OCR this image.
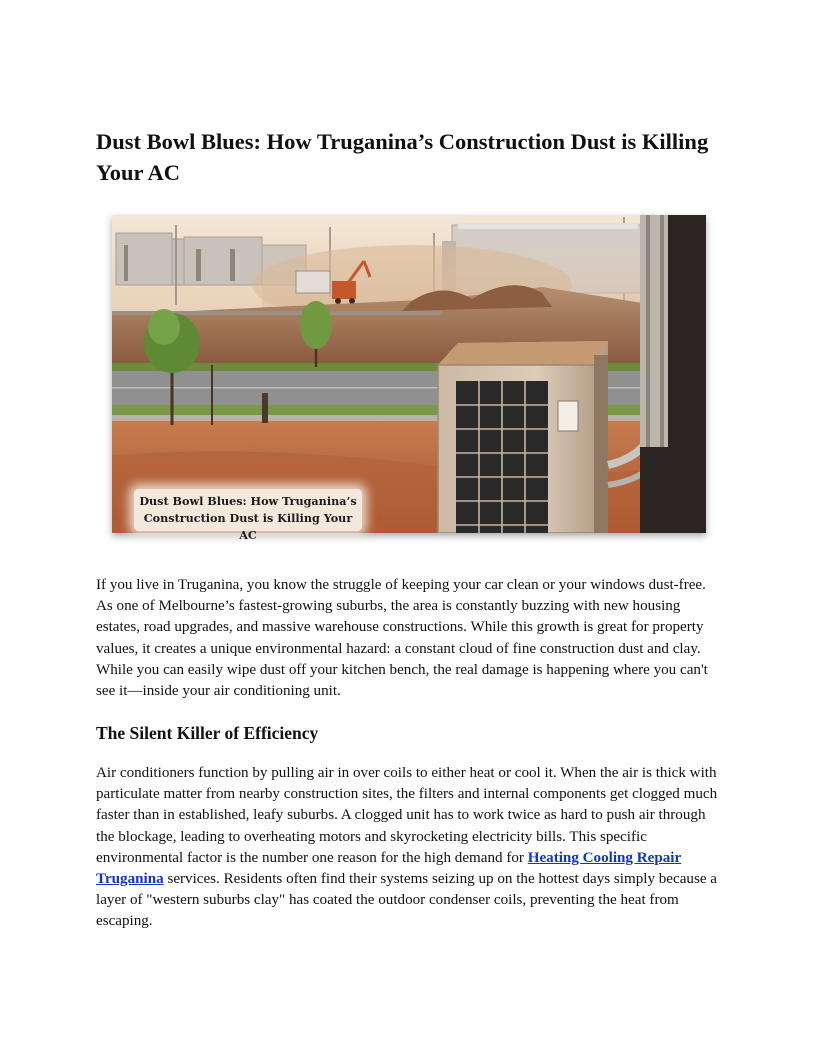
Dust Bowl Blues: How Truganina’s Construction Dust is Killing Your AC
Dust Bowl Blues: How Truganina’s
Construction Dust is Killing Your AC

If you live in Truganina, you know the struggle of keeping your car clean or your windows dust-free. As one of Melbourne’s fastest-growing suburbs, the area is constantly buzzing with new housing estates, road upgrades, and massive warehouse constructions. While this growth is great for property values, it creates a unique environmental hazard: a constant cloud of fine construction dust and clay. While you can easily wipe dust off your kitchen bench, the real damage is happening where you can't see it—inside your air conditioning unit.

The Silent Killer of Efficiency

Air conditioners function by pulling air in over coils to either heat or cool it. When the air is thick with particulate matter from nearby construction sites, the filters and internal components get clogged much faster than in established, leafy suburbs. A clogged unit has to work twice as hard to push air through the blockage, leading to overheating motors and skyrocketing electricity bills. This specific environmental factor is the number one reason for the high demand for Heating Cooling Repair Truganina services. Residents often find their systems seizing up on the hottest days simply because a layer of "western suburbs clay" has coated the outdoor condenser coils, preventing the heat from escaping.
